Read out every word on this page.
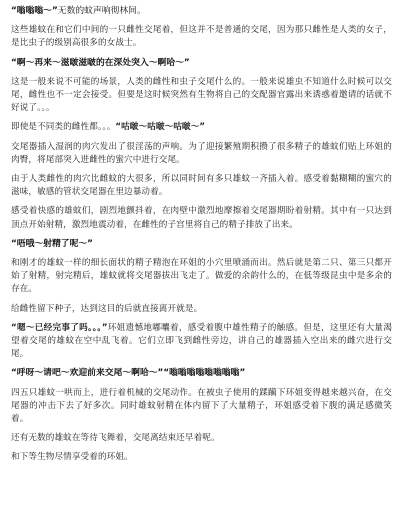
“嗡嗡嗡～”无数的蚊声响彻林间。

这些雄蚊在和它们中间的一只雌性交尾着，但这并不是普通的交尾，因为那只雌性是人类的女子，是比虫子的级别高很多的女战士。

“啊～再来～滋啵滋啵的在深处突入～啊哈～”

这是一般来说不可能的场景，人类的雌性和虫子交尾什么的。一般来说雄虫不知道什么时候可以交尾，雌性也不一定会接受。但要是这时候突然有生物将自己的交配器官露出来诱惑着邀请的话就不好说了。。。

即使是不同类的雌性都。。。“咕啵～咕啵～咕啵～”

交尾器插入湿润的肉穴发出了很淫荡的声响。为了迎接繁殖期积攒了很多精子的雄蚊们贴上环姐的肉臀，将尾部突入进雌性的蜜穴中进行交尾。

由于人类雌性的肉穴比雌蚊的大很多，所以同时间有多只雄蚊一齐插入着。感受着黏糊糊的蜜穴的滋味，敏感的管状交尾器在里边暴动着。

感受着快感的雄蚊们，剧烈地颤抖着，在肉壁中激烈地摩擦着交尾器期盼着射精。其中有一只达到顶点开始射精，激烈地震动着，在雌性的子宫里将自己的精子排放了出来。

“唔哦～射精了呢～”

和刚才的雄蚊一样的细长面状的精子精泡在环姐的小穴里喷涌而出。然后就是第二只、第三只都开始了射精，射完精后，雄蚊就将交尾器拔出飞走了。做爱的余韵什么的，在低等级昆虫中是多余的存在。

给雌性留下种子，达到这目的后就直接离开就是。

“嗯～已经完事了吗。。。”环姐遗憾地嘟囔着，感受着腹中雄性精子的触感。但是，这里还有大量渴望着交尾的雄蚊在空中乱飞着。它们立即飞到雌性旁边，讲自己的雄器插入空出来的雌穴进行交尾。

“呼呀～请吧～欢迎前来交尾～啊哈～”“嗡嗡嗡嗡嗡嗡嗡嗡”

四五只雄蚊一哄而上，进行着机械的交尾动作。在被虫子使用的蹂躏下环姐变得越来越兴奋，在交尾器的冲击下去了好多次。同时雄蚊射精在体内留下了大量精子，环姐感受着下腹的满足感微笑着。

还有无数的雄蚊在等待飞舞着，交尾离结束还早着呢。

和下等生物尽情享受着的环姐。
